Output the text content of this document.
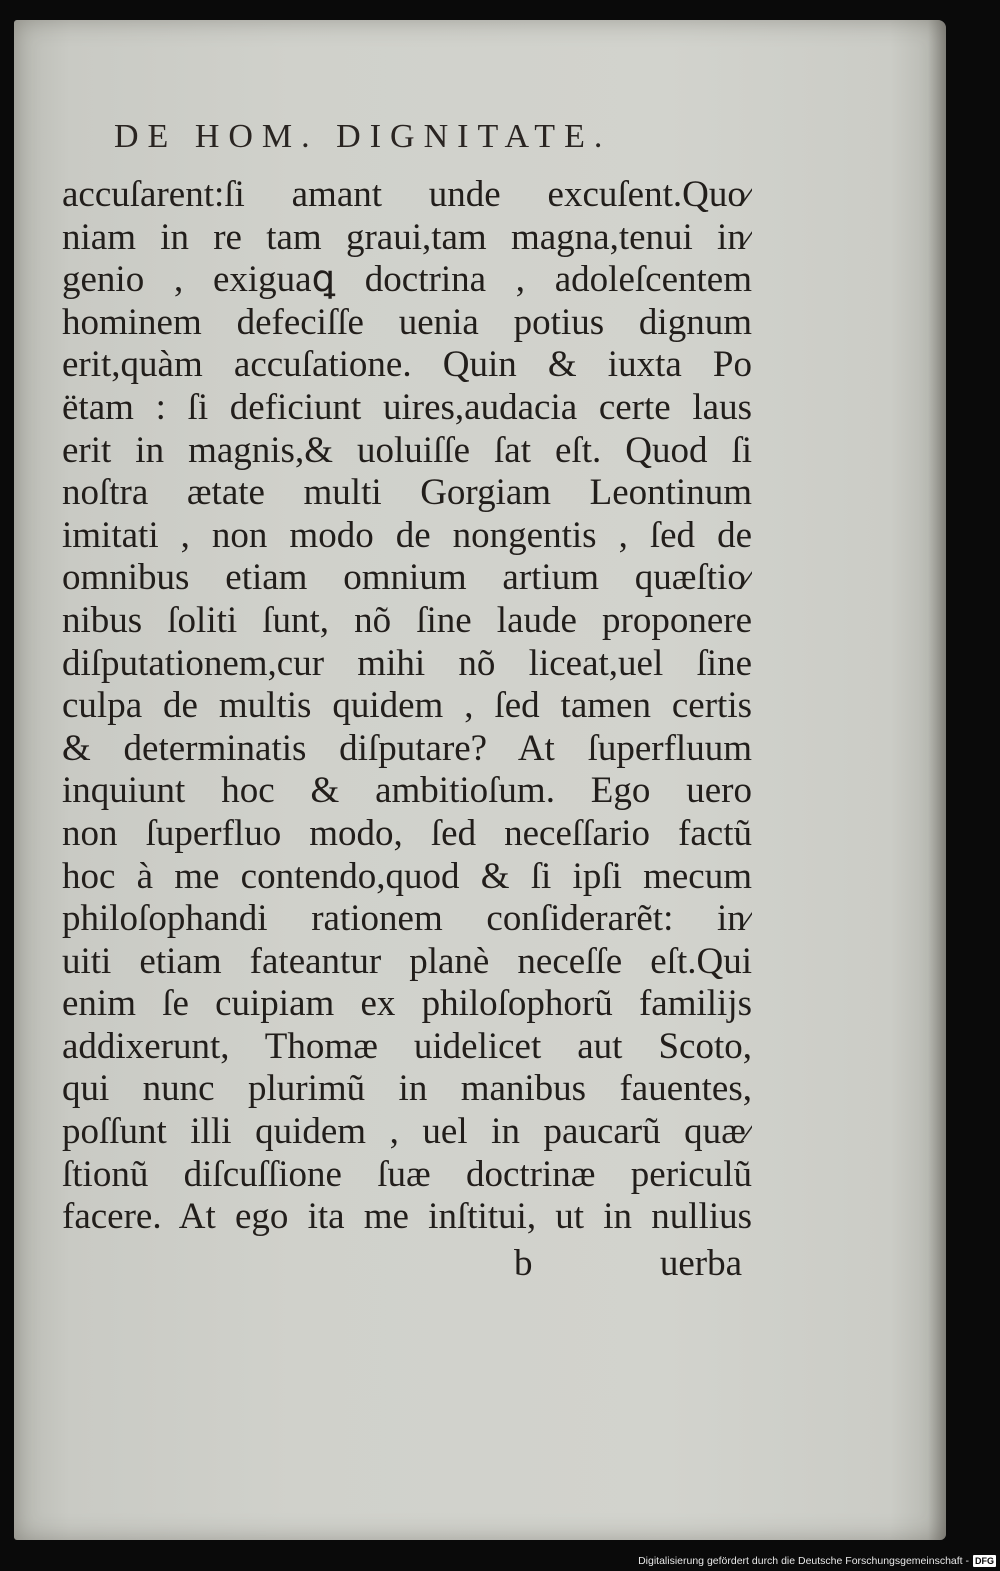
DE HOM. DIGNITATE.
accuſarent:ſi amant unde excuſent.Quo⁄
niam in re tam graui,tam magna,tenui in⁄
genio , exiguaꝗ doctrina , adoleſcentem
hominem defeciſſe uenia potius dignum
erit,quàm accuſatione. Quin & iuxta Po
ëtam : ſi deficiunt uires,audacia certe laus
erit in magnis,& uoluiſſe ſat eſt. Quod ſi
noſtra ætate multi Gorgiam Leontinum
imitati , non modo de nongentis , ſed de
omnibus etiam omnium artium quæſtio⁄
nibus ſoliti ſunt, nõ ſine laude proponere
diſputationem,cur mihi nõ liceat,uel ſine
culpa de multis quidem , ſed tamen certis
& determinatis diſputare? At ſuperfluum
inquiunt hoc & ambitioſum. Ego uero
non ſuperfluo modo, ſed neceſſario factũ
hoc à me contendo,quod & ſi ipſi mecum
philoſophandi rationem conſiderarẽt: in⁄
uiti etiam fateantur planè neceſſe eſt.Qui
enim ſe cuipiam ex philoſophorũ familijs
addixerunt, Thomæ uidelicet aut Scoto,
qui nunc plurimũ in manibus fauentes,
poſſunt illi quidem , uel in paucarũ quæ⁄
ſtionũ diſcuſſione ſuæ doctrinæ periculũ
facere. At ego ita me inſtitui, ut in nullius
b	uerba
Digitalisierung gefördert durch die Deutsche Forschungsgemeinschaft - DFG
